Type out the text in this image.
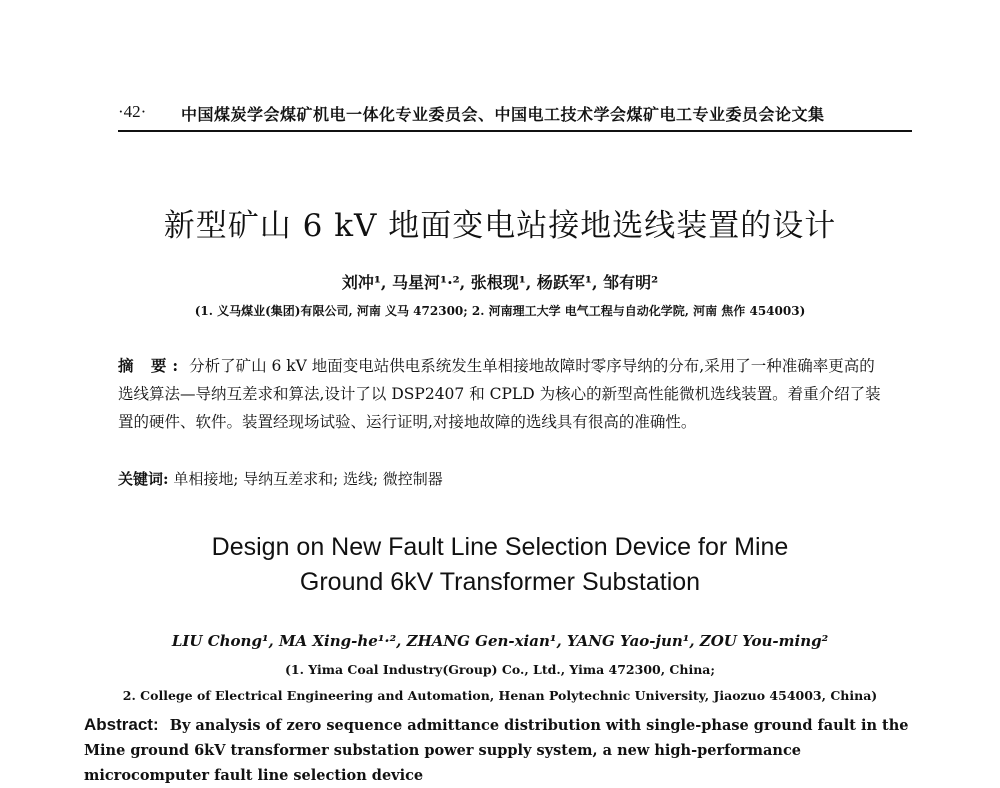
·42· 中国煤炭学会煤矿机电一体化专业委员会、中国电工技术学会煤矿电工专业委员会论文集
新型矿山 6 kV 地面变电站接地选线装置的设计
刘冲¹, 马星河¹·², 张根现¹, 杨跃军¹, 邹有明²
(1. 义马煤业(集团)有限公司, 河南 义马 472300; 2. 河南理工大学 电气工程与自动化学院, 河南 焦作 454003)
摘 要: 分析了矿山 6 kV 地面变电站供电系统发生单相接地故障时零序导纳的分布,采用了一种准确率更高的选线算法—导纳互差求和算法,设计了以 DSP2407 和 CPLD 为核心的新型高性能微机选线装置。着重介绍了装置的硬件、软件。装置经现场试验、运行证明,对接地故障的选线具有很高的准确性。
关键词: 单相接地; 导纳互差求和; 选线; 微控制器
Design on New Fault Line Selection Device for Mine
Ground 6kV Transformer Substation
LIU Chong¹, MA Xing-he¹·², ZHANG Gen-xian¹, YANG Yao-jun¹, ZOU You-ming²
(1. Yima Coal Industry(Group) Co., Ltd., Yima 472300, China;
2. College of Electrical Engineering and Automation, Henan Polytechnic University, Jiaozuo 454003, China)
Abstract: By analysis of zero sequence admittance distribution with single-phase ground fault in the Mine ground 6kV transformer substation power supply system, a new high-performance microcomputer fault line selection device
